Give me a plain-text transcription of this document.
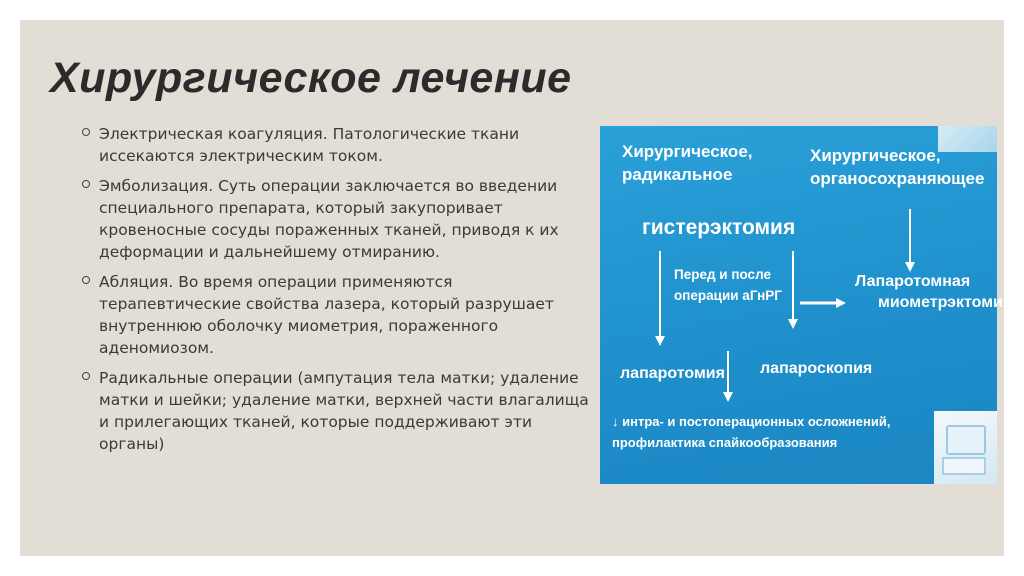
Хирургическое лечение
Электрическая коагуляция. Патологические ткани иссекаются электрическим током.
Эмболизация. Суть операции заключается во введении специального препарата, который закупоривает кровеносные сосуды пораженных тканей, приводя к их деформации и дальнейшему отмиранию.
Абляция. Во время операции применяются терапевтические свойства лазера, который разрушает внутреннюю оболочку миометрия, пораженного аденомиозом.
Радикальные операции (ампутация тела матки; удаление матки и шейки; удаление матки, верхней части влагалища и прилегающих тканей, которые поддерживают эти органы)
Хирургическое,
радикальное
Хирургическое,
органосохраняющее
гистерэктомия
Перед и после
операции аГнРГ
Лапаротомная
миометрэктомия
лапаротомия лапароскопия
↓ интра- и постоперационных осложнений,
профилактика спайкообразования
